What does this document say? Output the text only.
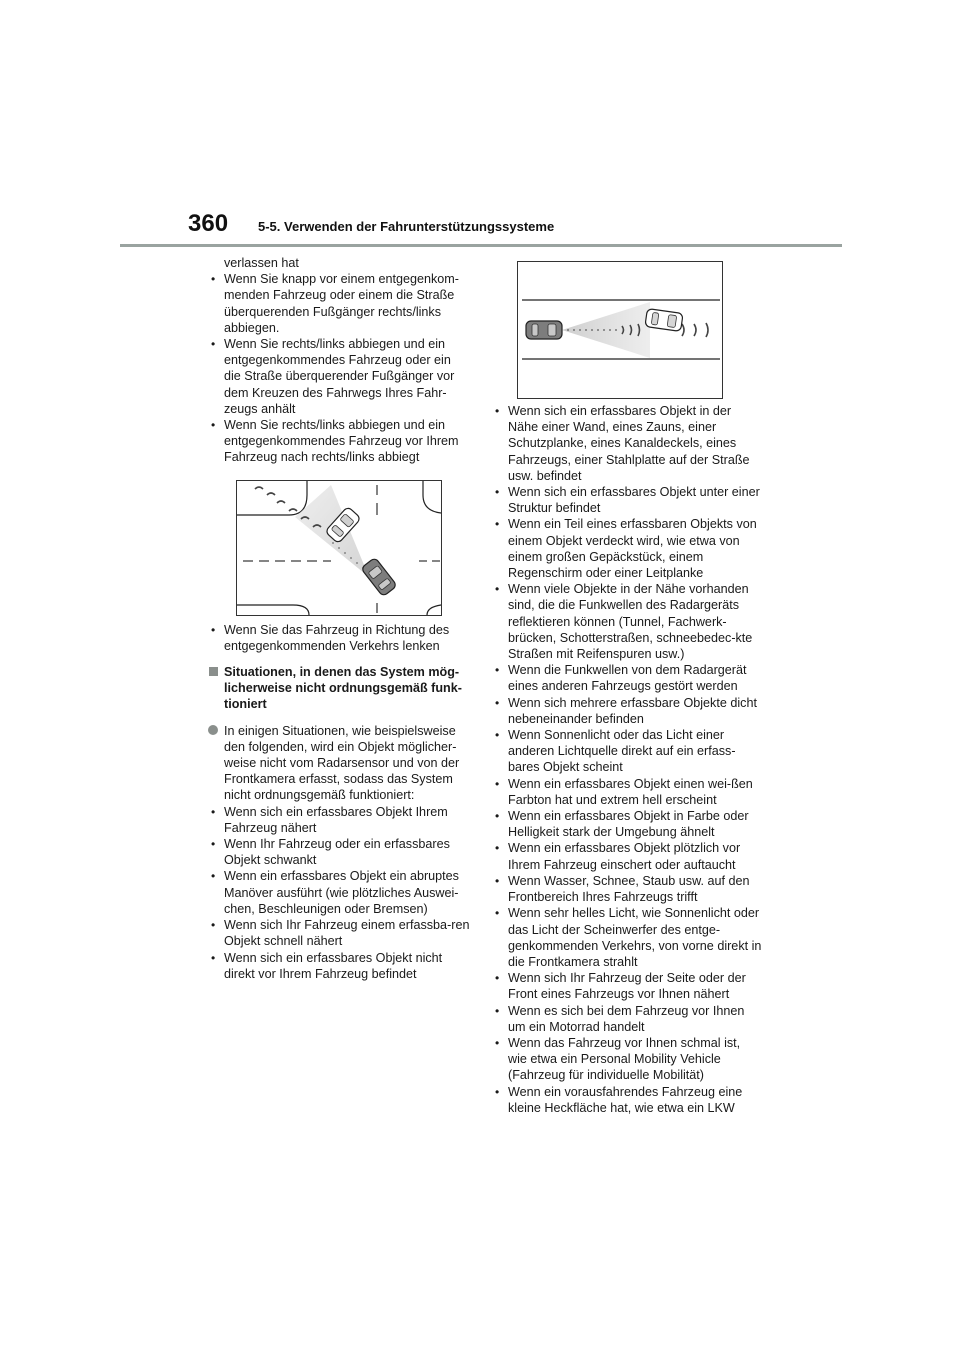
360 5-5. Verwenden der Fahrunterstützungssysteme
verlassen hat
• Wenn Sie knapp vor einem entgegenkom-menden Fahrzeug oder einem die Straße überquerenden Fußgänger rechts/links abbiegen.
• Wenn Sie rechts/links abbiegen und ein entgegenkommendes Fahrzeug oder ein die Straße überquerender Fußgänger vor dem Kreuzen des Fahrwegs Ihres Fahr-zeugs anhält
• Wenn Sie rechts/links abbiegen und ein entgegenkommendes Fahrzeug vor Ihrem Fahrzeug nach rechts/links abbiegt
• Wenn Sie das Fahrzeug in Richtung des entgegenkommenden Verkehrs lenken
Situationen, in denen das System mög-licherweise nicht ordnungsgemäß funk-tioniert
In einigen Situationen, wie beispielsweise den folgenden, wird ein Objekt möglicher-weise nicht vom Radarsensor und von der Frontkamera erfasst, sodass das System nicht ordnungsgemäß funktioniert:
• Wenn sich ein erfassbares Objekt Ihrem Fahrzeug nähert
• Wenn Ihr Fahrzeug oder ein erfassbares Objekt schwankt
• Wenn ein erfassbares Objekt ein abruptes Manöver ausführt (wie plötzliches Auswei-chen, Beschleunigen oder Bremsen)
• Wenn sich Ihr Fahrzeug einem erfassba-ren Objekt schnell nähert
• Wenn sich ein erfassbares Objekt nicht direkt vor Ihrem Fahrzeug befindet
• Wenn sich ein erfassbares Objekt in der Nähe einer Wand, eines Zauns, einer Schutzplanke, eines Kanaldeckels, eines Fahrzeugs, einer Stahlplatte auf der Straße usw. befindet
• Wenn sich ein erfassbares Objekt unter einer Struktur befindet
• Wenn ein Teil eines erfassbaren Objekts von einem Objekt verdeckt wird, wie etwa von einem großen Gepäckstück, einem Regenschirm oder einer Leitplanke
• Wenn viele Objekte in der Nähe vorhanden sind, die die Funkwellen des Radargeräts reflektieren können (Tunnel, Fachwerk-brücken, Schotterstraßen, schneebedec-kte Straßen mit Reifenspuren usw.)
• Wenn die Funkwellen von dem Radargerät eines anderen Fahrzeugs gestört werden
• Wenn sich mehrere erfassbare Objekte dicht nebeneinander befinden
• Wenn Sonnenlicht oder das Licht einer anderen Lichtquelle direkt auf ein erfass-bares Objekt scheint
• Wenn ein erfassbares Objekt einen wei-ßen Farbton hat und extrem hell erscheint
• Wenn ein erfassbares Objekt in Farbe oder Helligkeit stark der Umgebung ähnelt
• Wenn ein erfassbares Objekt plötzlich vor Ihrem Fahrzeug einschert oder auftaucht
• Wenn Wasser, Schnee, Staub usw. auf den Frontbereich Ihres Fahrzeugs trifft
• Wenn sehr helles Licht, wie Sonnenlicht oder das Licht der Scheinwerfer des entge-genkommenden Verkehrs, von vorne direkt in die Frontkamera strahlt
• Wenn sich Ihr Fahrzeug der Seite oder der Front eines Fahrzeugs vor Ihnen nähert
• Wenn es sich bei dem Fahrzeug vor Ihnen um ein Motorrad handelt
• Wenn das Fahrzeug vor Ihnen schmal ist, wie etwa ein Personal Mobility Vehicle (Fahrzeug für individuelle Mobilität)
• Wenn ein vorausfahrendes Fahrzeug eine kleine Heckfläche hat, wie etwa ein LKW
